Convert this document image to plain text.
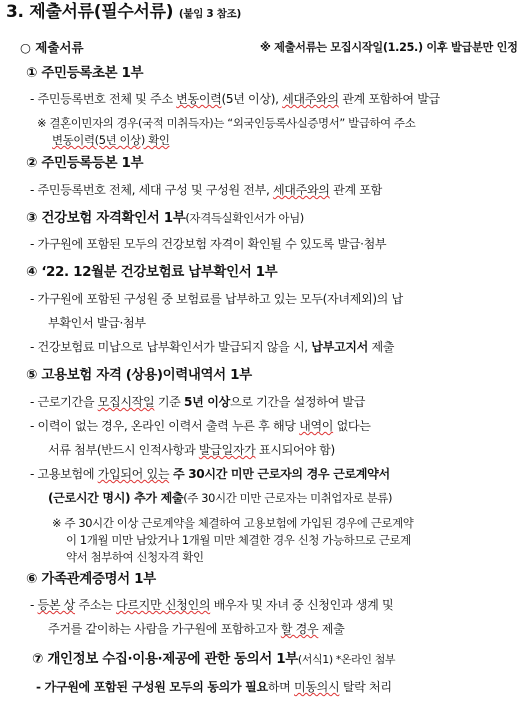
3. 제출서류(필수서류) (붙임 3 참조)
○ 제출서류	※ 제출서류는 모집시작일(1.25.) 이후 발급분만 인정
① 주민등록초본 1부
- 주민등록번호 전체 및 주소 변동이력(5년 이상), 세대주와의 관계 포함하여 발급
※ 결혼이민자의 경우(국적 미취득자)는 “외국인등록사실증명서” 발급하여 주소
변동이력(5년 이상) 확인
② 주민등록등본 1부
- 주민등록번호 전체, 세대 구성 및 구성원 전부, 세대주와의 관계 포함
③ 건강보험 자격확인서 1부(자격득실확인서가 아님)
- 가구원에 포함된 모두의 건강보험 자격이 확인될 수 있도록 발급·첨부
④ ‘22. 12월분 건강보험료 납부확인서 1부
- 가구원에 포함된 구성원 중 보험료를 납부하고 있는 모두(자녀제외)의 납
부확인서 발급·첨부
- 건강보험료 미납으로 납부확인서가 발급되지 않을 시, 납부고지서 제출
⑤ 고용보험 자격 (상용)이력내역서 1부
- 근로기간을 모집시작일 기준 5년 이상으로 기간을 설정하여 발급
- 이력이 없는 경우, 온라인 이력서 출력 누른 후 해당 내역이 없다는
서류 첨부(반드시 인적사항과 발급일자가 표시되어야 함)
- 고용보험에 가입되어 있는 주 30시간 미만 근로자의 경우 근로계약서
(근로시간 명시) 추가 제출(주 30시간 미만 근로자는 미취업자로 분류)
※ 주 30시간 이상 근로계약을 체결하여 고용보험에 가입된 경우에 근로계약
이 1개월 미만 남았거나 1개월 미만 체결한 경우 신청 가능하므로 근로계
약서 첨부하여 신청자격 확인
⑥ 가족관계증명서 1부
- 등본 상 주소는 다르지만 신청인의 배우자 및 자녀 중 신청인과 생계 및
주거를 같이하는 사람을 가구원에 포함하고자 할 경우 제출
⑦ 개인정보 수집·이용·제공에 관한 동의서 1부(서식1) *온라인 첨부
- 가구원에 포함된 구성원 모두의 동의가 필요하며 미동의시 탈락 처리
